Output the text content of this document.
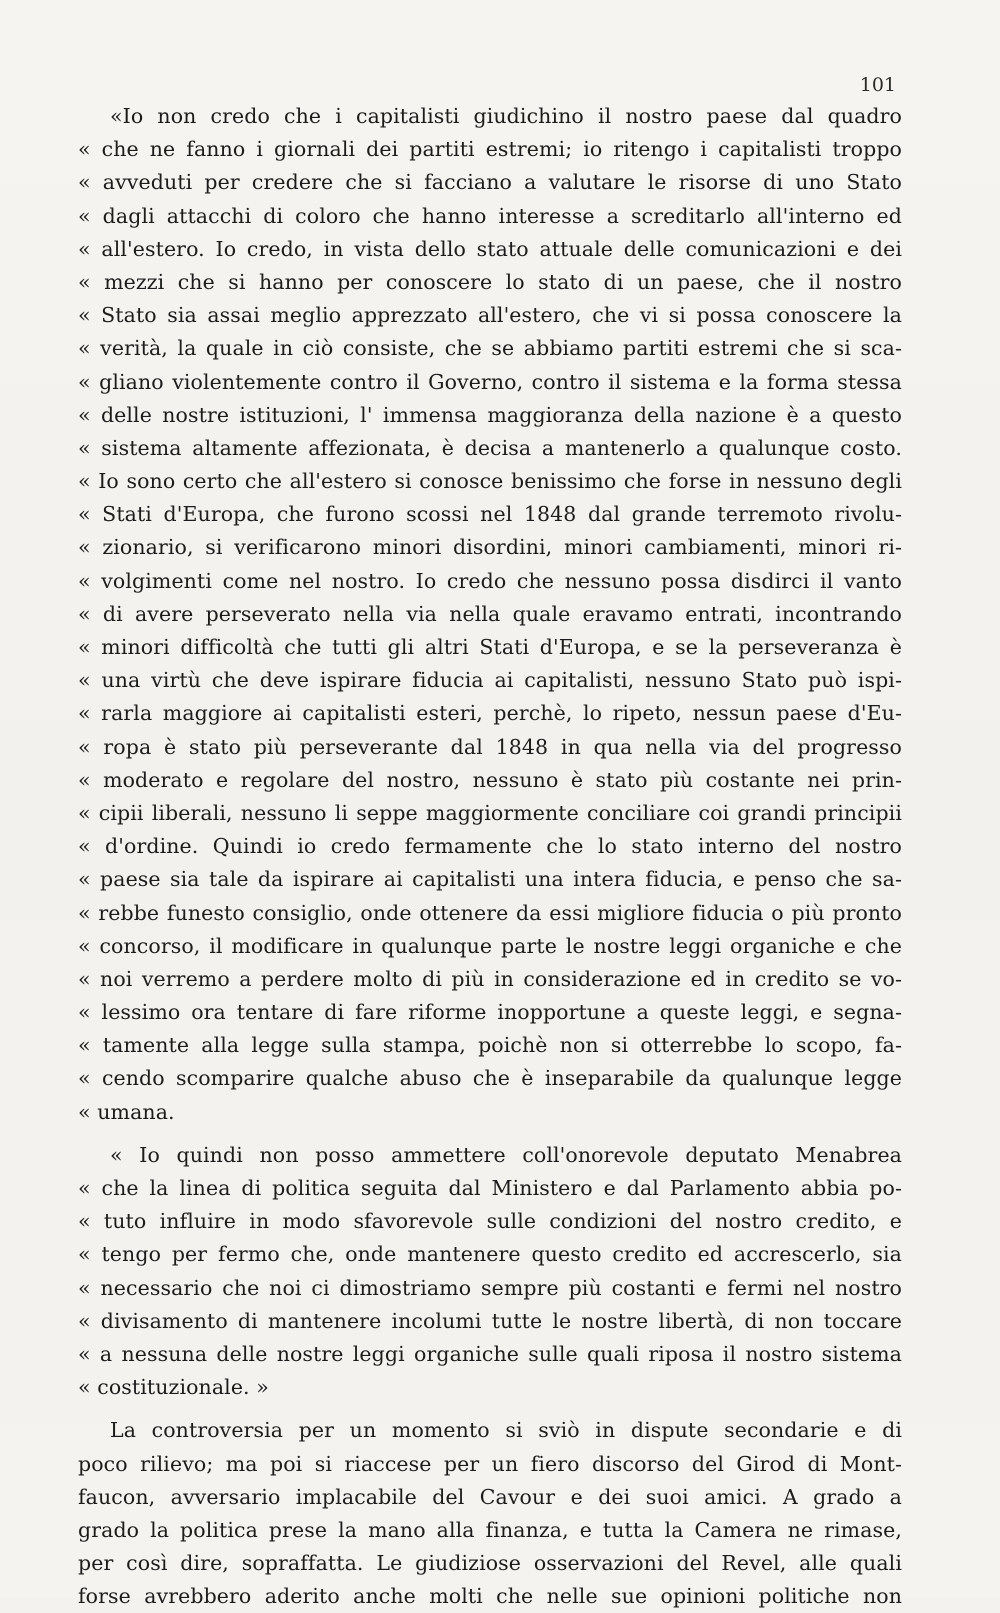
101
«Io non credo che i capitalisti giudichino il nostro paese dal quadro
« che ne fanno i giornali dei partiti estremi; io ritengo i capitalisti troppo
« avveduti per credere che si facciano a valutare le risorse di uno Stato
« dagli attacchi di coloro che hanno interesse a screditarlo all'interno ed
« all'estero. Io credo, in vista dello stato attuale delle comunicazioni e dei
« mezzi che si hanno per conoscere lo stato di un paese, che il nostro
« Stato sia assai meglio apprezzato all'estero, che vi si possa conoscere la
« verità, la quale in ciò consiste, che se abbiamo partiti estremi che si sca-
« gliano violentemente contro il Governo, contro il sistema e la forma stessa
« delle nostre istituzioni, l' immensa maggioranza della nazione è a questo
« sistema altamente affezionata, è decisa a mantenerlo a qualunque costo.
« Io sono certo che all'estero si conosce benissimo che forse in nessuno degli
« Stati d'Europa, che furono scossi nel 1848 dal grande terremoto rivolu-
« zionario, si verificarono minori disordini, minori cambiamenti, minori ri-
« volgimenti come nel nostro. Io credo che nessuno possa disdirci il vanto
« di avere perseverato nella via nella quale eravamo entrati, incontrando
« minori difficoltà che tutti gli altri Stati d'Europa, e se la perseveranza è
« una virtù che deve ispirare fiducia ai capitalisti, nessuno Stato può ispi-
« rarla maggiore ai capitalisti esteri, perchè, lo ripeto, nessun paese d'Eu-
« ropa è stato più perseverante dal 1848 in qua nella via del progresso
« moderato e regolare del nostro, nessuno è stato più costante nei prin-
« cipii liberali, nessuno li seppe maggiormente conciliare coi grandi principii
« d'ordine. Quindi io credo fermamente che lo stato interno del nostro
« paese sia tale da ispirare ai capitalisti una intera fiducia, e penso che sa-
« rebbe funesto consiglio, onde ottenere da essi migliore fiducia o più pronto
« concorso, il modificare in qualunque parte le nostre leggi organiche e che
« noi verremo a perdere molto di più in considerazione ed in credito se vo-
« lessimo ora tentare di fare riforme inopportune a queste leggi, e segna-
« tamente alla legge sulla stampa, poichè non si otterrebbe lo scopo, fa-
« cendo scomparire qualche abuso che è inseparabile da qualunque legge
« umana.
« Io quindi non posso ammettere coll'onorevole deputato Menabrea
« che la linea di politica seguita dal Ministero e dal Parlamento abbia po-
« tuto influire in modo sfavorevole sulle condizioni del nostro credito, e
« tengo per fermo che, onde mantenere questo credito ed accrescerlo, sia
« necessario che noi ci dimostriamo sempre più costanti e fermi nel nostro
« divisamento di mantenere incolumi tutte le nostre libertà, di non toccare
« a nessuna delle nostre leggi organiche sulle quali riposa il nostro sistema
« costituzionale. »
La controversia per un momento si sviò in dispute secondarie e di
poco rilievo; ma poi si riaccese per un fiero discorso del Girod di Mont-
faucon, avversario implacabile del Cavour e dei suoi amici. A grado a
grado la politica prese la mano alla finanza, e tutta la Camera ne rimase,
per così dire, sopraffatta. Le giudiziose osservazioni del Revel, alle quali
forse avrebbero aderito anche molti che nelle sue opinioni politiche non
